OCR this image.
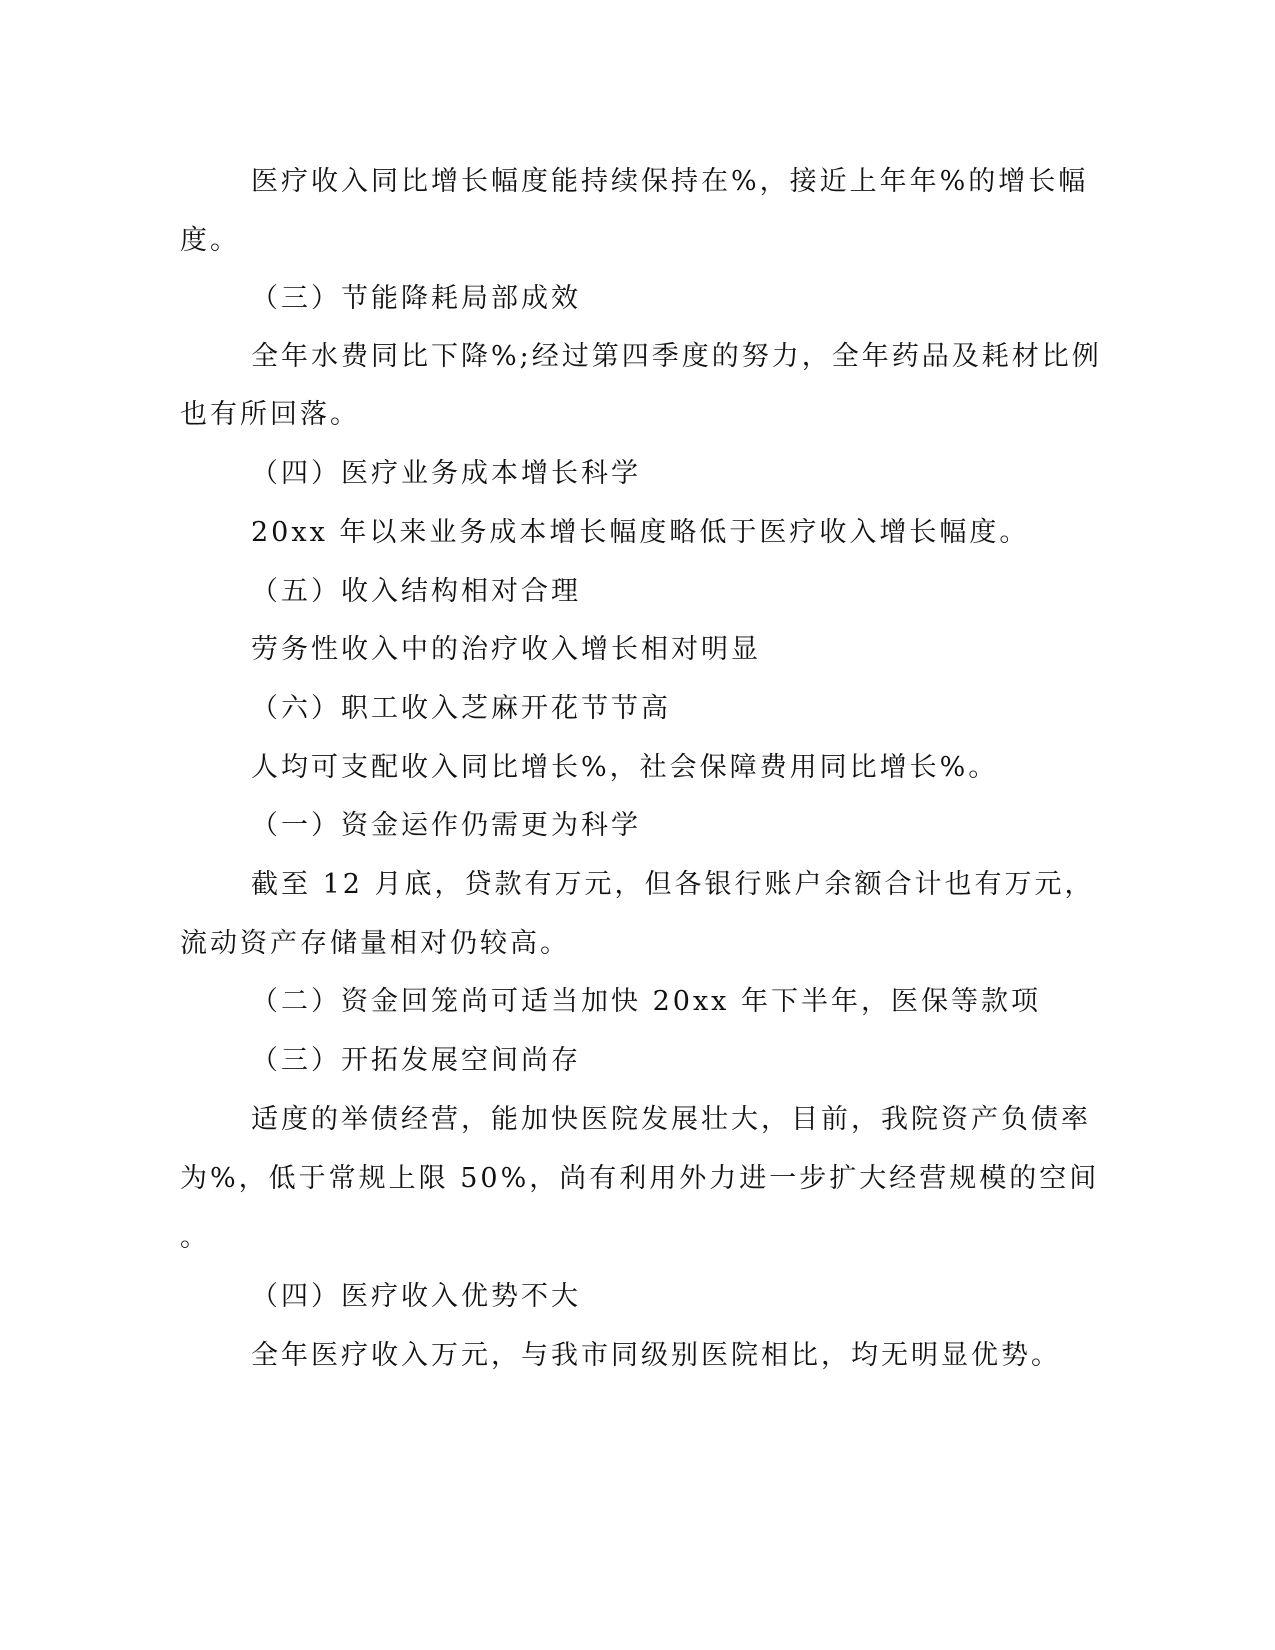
医疗收入同比增长幅度能持续保持在%，接近上年年%的增长幅
度。
（三）节能降耗局部成效
全年水费同比下降%;经过第四季度的努力，全年药品及耗材比例
也有所回落。
（四）医疗业务成本增长科学
20xx 年以来业务成本增长幅度略低于医疗收入增长幅度。
（五）收入结构相对合理
劳务性收入中的治疗收入增长相对明显
（六）职工收入芝麻开花节节高
人均可支配收入同比增长%，社会保障费用同比增长%。
（一）资金运作仍需更为科学
截至 12 月底，贷款有万元，但各银行账户余额合计也有万元，
流动资产存储量相对仍较高。
（二）资金回笼尚可适当加快 20xx 年下半年，医保等款项
（三）开拓发展空间尚存
适度的举债经营，能加快医院发展壮大，目前，我院资产负债率
为%，低于常规上限 50%，尚有利用外力进一步扩大经营规模的空间
。
（四）医疗收入优势不大
全年医疗收入万元，与我市同级别医院相比，均无明显优势。
